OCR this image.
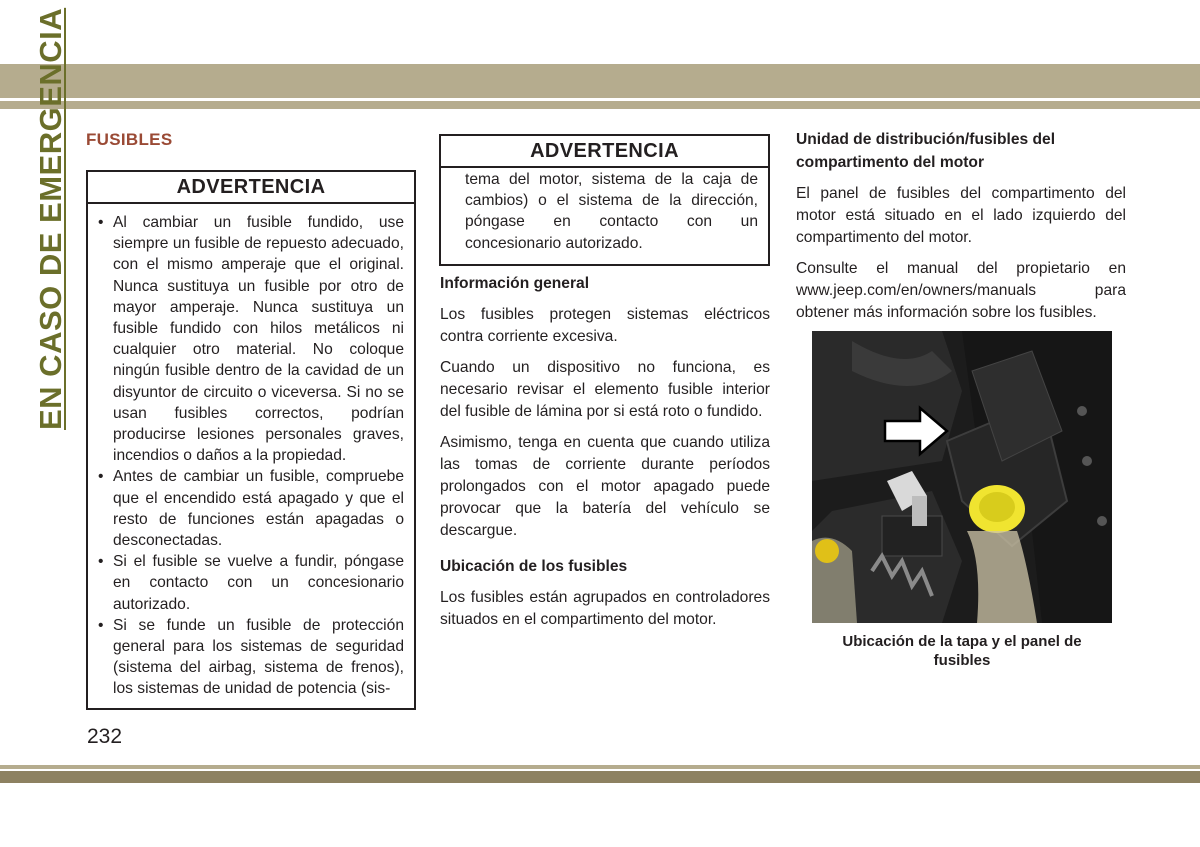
EN CASO DE EMERGENCIA FUSIBLES
ADVERTENCIA
• Al cambiar un fusible fundido, use siempre un fusible de repuesto adecuado, con el mismo amperaje que el original. Nunca sustituya un fusible por otro de mayor amperaje. Nunca sustituya un fusible fundido con hilos metálicos ni cualquier otro material. No coloque ningún fusible dentro de la cavidad de un disyuntor de circuito o viceversa. Si no se usan fusibles correctos, podrían producirse lesiones personales graves, incendios o daños a la propiedad.
• Antes de cambiar un fusible, compruebe que el encendido está apagado y que el resto de funciones están apagadas o desconectadas.
• Si el fusible se vuelve a fundir, póngase en contacto con un concesionario autorizado.
• Si se funde un fusible de protección general para los sistemas de seguridad (sistema del airbag, sistema de frenos), los sistemas de unidad de potencia (sis-
ADVERTENCIA
tema del motor, sistema de la caja de cambios) o el sistema de la dirección, póngase en contacto con un concesionario autorizado.
Información general

Los fusibles protegen sistemas eléctricos contra corriente excesiva.

Cuando un dispositivo no funciona, es necesario revisar el elemento fusible interior del fusible de lámina por si está roto o fundido.

Asimismo, tenga en cuenta que cuando utiliza las tomas de corriente durante períodos prolongados con el motor apagado puede provocar que la batería del vehículo se descargue.

Ubicación de los fusibles

Los fusibles están agrupados en controladores situados en el compartimento del motor.

Unidad de distribución/fusibles del compartimento del motor

El panel de fusibles del compartimento del motor está situado en el lado izquierdo del compartimento del motor.

Consulte el manual del propietario en www.jeep.com/en/owners/manuals para obtener más información sobre los fusibles.

Ubicación de la tapa y el panel de fusibles
232
